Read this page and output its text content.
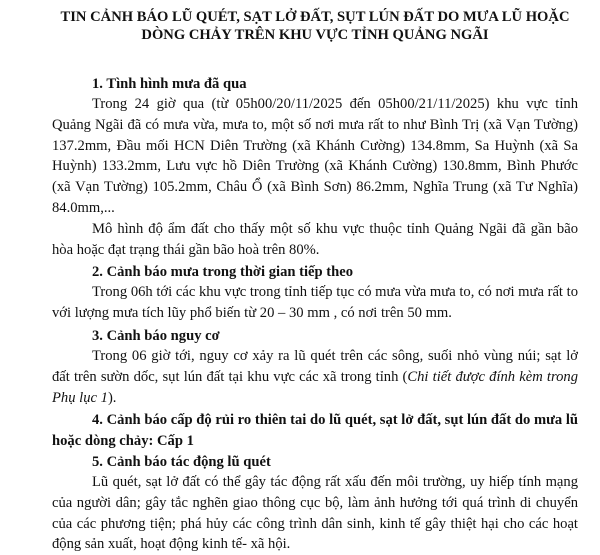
TIN CẢNH BÁO LŨ QUÉT, SẠT LỞ ĐẤT, SỤT LÚN ĐẤT DO MƯA LŨ HOẶC
DÒNG CHẢY TRÊN KHU VỰC TỈNH QUẢNG NGÃI
1. Tình hình mưa đã qua
Trong 24 giờ qua (từ 05h00/20/11/2025 đến 05h00/21/11/2025) khu vực tỉnh Quảng Ngãi đã có mưa vừa, mưa to, một số nơi mưa rất to như Bình Trị (xã Vạn Tường) 137.2mm, Đầu mối HCN Diên Trường (xã Khánh Cường) 134.8mm, Sa Huỳnh (xã Sa Huỳnh) 133.2mm, Lưu vực hồ Diên Trường (xã Khánh Cường) 130.8mm, Bình Phước (xã Vạn Tường) 105.2mm, Châu Ổ (xã Bình Sơn) 86.2mm, Nghĩa Trung (xã Tư Nghĩa) 84.0mm,...
Mô hình độ ẩm đất cho thấy một số khu vực thuộc tỉnh Quảng Ngãi đã gần bão hòa hoặc đạt trạng thái gần bão hoà trên 80%.
2. Cảnh báo mưa trong thời gian tiếp theo
Trong 06h tới các khu vực trong tỉnh tiếp tục có mưa vừa mưa to, có nơi mưa rất to với lượng mưa tích lũy phổ biến từ 20 – 30 mm , có nơi trên 50 mm.
3. Cảnh báo nguy cơ
Trong 06 giờ tới, nguy cơ xảy ra lũ quét trên các sông, suối nhỏ vùng núi; sạt lở đất trên sườn dốc, sụt lún đất tại khu vực các xã trong tỉnh (Chi tiết được đính kèm trong Phụ lục 1).
4. Cảnh báo cấp độ rủi ro thiên tai do lũ quét, sạt lở đất, sụt lún đất do mưa lũ hoặc dòng chảy: Cấp 1
5. Cảnh báo tác động lũ quét
Lũ quét, sạt lở đất có thể gây tác động rất xấu đến môi trường, uy hiếp tính mạng của người dân; gây tắc nghẽn giao thông cục bộ, làm ảnh hưởng tới quá trình di chuyển của các phương tiện; phá hủy các công trình dân sinh, kinh tế gây thiệt hại cho các hoạt động sản xuất, hoạt động kinh tế- xã hội.
